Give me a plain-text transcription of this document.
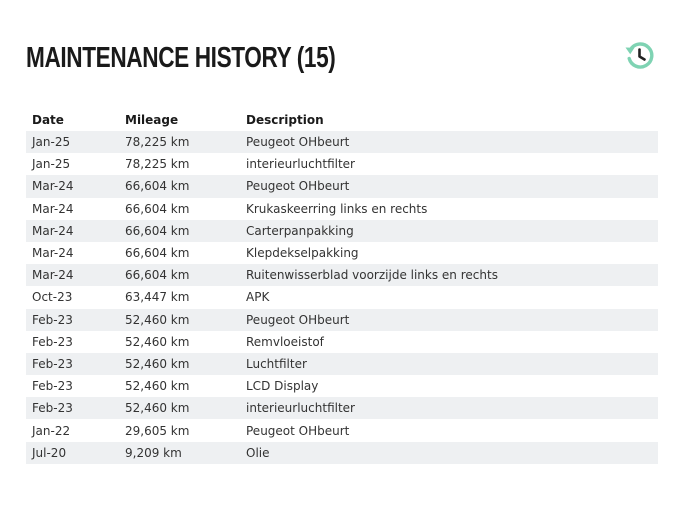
MAINTENANCE HISTORY (15)
Date	Mileage	Description
Jan-25	78,225 km	Peugeot OHbeurt
Jan-25	78,225 km	interieurluchtfilter
Mar-24	66,604 km	Peugeot OHbeurt
Mar-24	66,604 km	Krukaskeerring links en rechts
Mar-24	66,604 km	Carterpanpakking
Mar-24	66,604 km	Klepdekselpakking
Mar-24	66,604 km	Ruitenwisserblad voorzijde links en rechts
Oct-23	63,447 km	APK
Feb-23	52,460 km	Peugeot OHbeurt
Feb-23	52,460 km	Remvloeistof
Feb-23	52,460 km	Luchtfilter
Feb-23	52,460 km	LCD Display
Feb-23	52,460 km	interieurluchtfilter
Jan-22	29,605 km	Peugeot OHbeurt
Jul-20	9,209 km	Olie
